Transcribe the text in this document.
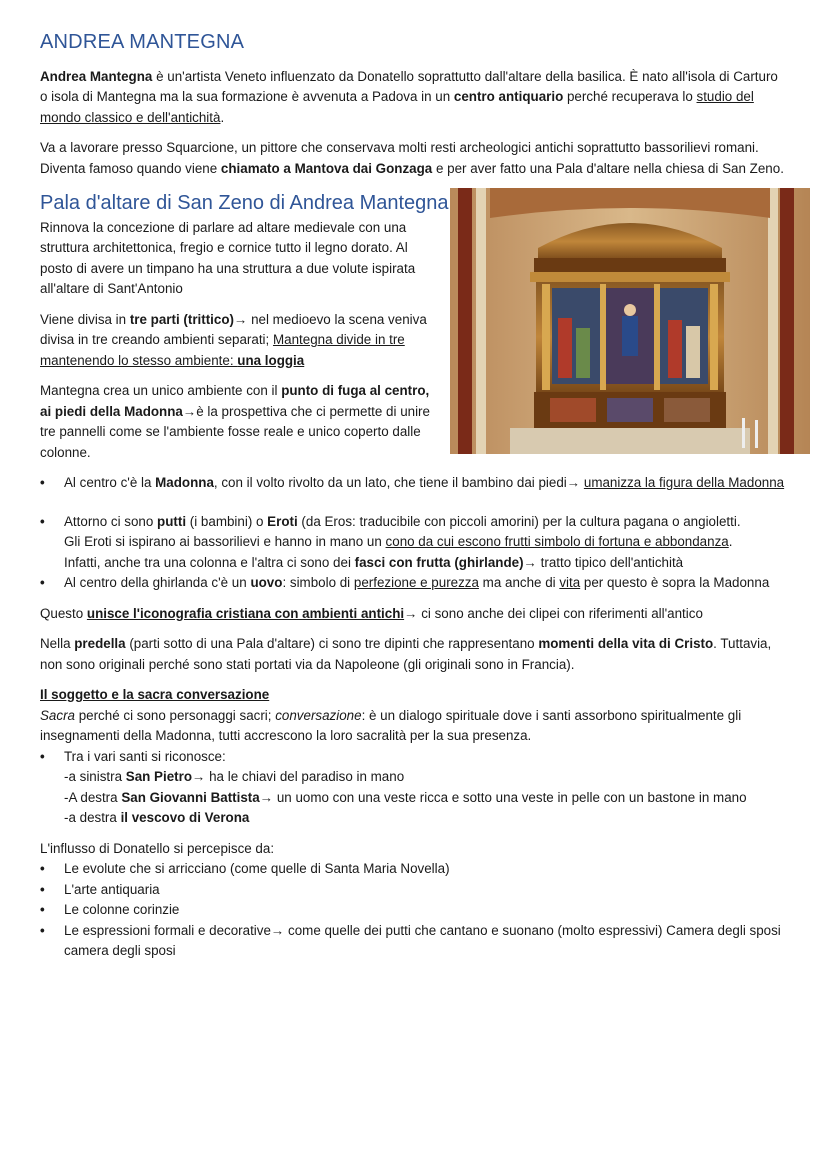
ANDREA MANTEGNA

Andrea Mantegna è un'artista Veneto influenzato da Donatello soprattutto dall'altare della basilica. È nato all'isola di Carturo o isola di Mantegna ma la sua formazione è avvenuta a Padova in un centro antiquario perché recuperava lo studio del mondo classico e dell'antichità.

Va a lavorare presso Squarcione, un pittore che conservava molti resti archeologici antichi soprattutto bassorilievi romani. Diventa famoso quando viene chiamato a Mantova dai Gonzaga e per aver fatto una Pala d'altare nella chiesa di San Zeno.

Pala d'altare di San Zeno di Andrea Mantegna

Rinnova la concezione di parlare ad altare medievale con una struttura architettonica, fregio e cornice tutto il legno dorato. Al posto di avere un timpano ha una struttura a due volute ispirata all'altare di Sant'Antonio

Viene divisa in tre parti (trittico)→ nel medioevo la scena veniva divisa in tre creando ambienti separati; Mantegna divide in tre mantenendo lo stesso ambiente: una loggia

Mantegna crea un unico ambiente con il punto di fuga al centro, ai piedi della Madonna→è la prospettiva che ci permette di unire tre pannelli come se l'ambiente fosse reale e unico coperto dalle colonne.

• Al centro c'è la Madonna, con il volto rivolto da un lato, che tiene il bambino dai piedi→ umanizza la figura della Madonna
• Attorno ci sono putti (i bambini) o Eroti (da Eros: traducibile con piccoli amorini) per la cultura pagana o angioletti.
Gli Eroti si ispirano ai bassorilievi e hanno in mano un cono da cui escono frutti simbolo di fortuna e abbondanza.
Infatti, anche tra una colonna e l'altra ci sono dei fasci con frutta (ghirlande)→ tratto tipico dell'antichità
• Al centro della ghirlanda c'è un uovo: simbolo di perfezione e purezza ma anche di vita per questo è sopra la Madonna

Questo unisce l'iconografia cristiana con ambienti antichi→ ci sono anche dei clipei con riferimenti all'antico

Nella predella (parti sotto di una Pala d'altare) ci sono tre dipinti che rappresentano momenti della vita di Cristo. Tuttavia, non sono originali perché sono stati portati via da Napoleone (gli originali sono in Francia).

Il soggetto e la sacra conversazione

Sacra perché ci sono personaggi sacri; conversazione: è un dialogo spirituale dove i santi assorbono spiritualmente gli insegnamenti della Madonna, tutti accrescono la loro sacralità per la sua presenza.

• Tra i vari santi si riconosce:
-a sinistra San Pietro→ ha le chiavi del paradiso in mano
-A destra San Giovanni Battista→ un uomo con una veste ricca e sotto una veste in pelle con un bastone in mano
-a destra il vescovo di Verona

L'influsso di Donatello si percepisce da:

• Le evolute che si arricciano (come quelle di Santa Maria Novella)
• L'arte antiquaria
• Le colonne corinzie
• Le espressioni formali e decorative→ come quelle dei putti che cantano e suonano (molto espressivi) Camera degli sposi camera degli sposi
